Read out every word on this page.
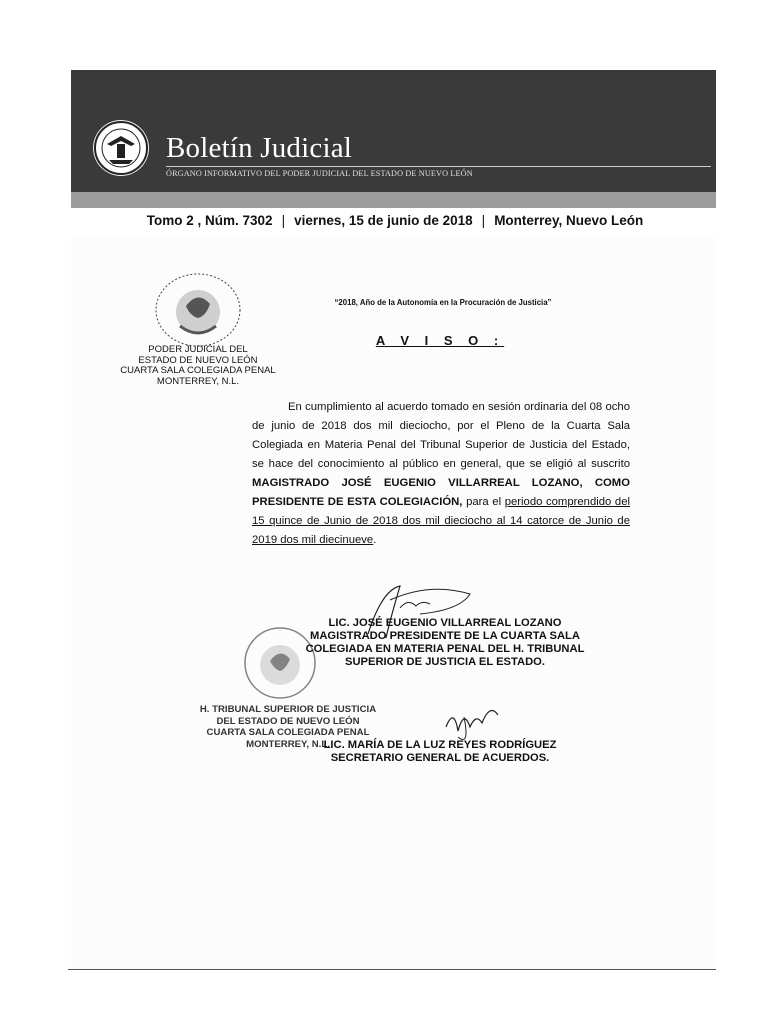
Boletín Judicial
ÓRGANO INFORMATIVO DEL PODER JUDICIAL DEL ESTADO DE NUEVO LEÓN
Tomo 2 , Núm. 7302 | viernes, 15 de junio de 2018 | Monterrey, Nuevo León
PODER JUDICIAL DEL
ESTADO DE NUEVO LEÓN
CUARTA SALA COLEGIADA PENAL
MONTERREY, N.L.
“2018, Año de la Autonomía en la Procuración de Justicia”
A V I S O :

En cumplimiento al acuerdo tomado en sesión ordinaria del 08 ocho de junio de 2018 dos mil dieciocho, por el Pleno de la Cuarta Sala Colegiada en Materia Penal del Tribunal Superior de Justicia del Estado, se hace del conocimiento al público en general, que se eligió al suscrito MAGISTRADO JOSÉ EUGENIO VILLARREAL LOZANO, COMO PRESIDENTE DE ESTA COLEGIACIÓN, para el periodo comprendido del 15 quince de Junio de 2018 dos mil dieciocho al 14 catorce de Junio de 2019 dos mil diecinueve.

LIC. JOSÉ EUGENIO VILLARREAL LOZANO
MAGISTRADO PRESIDENTE DE LA CUARTA SALA
COLEGIADA EN MATERIA PENAL DEL H. TRIBUNAL
SUPERIOR DE JUSTICIA EL ESTADO.
H. TRIBUNAL SUPERIOR DE JUSTICIA
DEL ESTADO DE NUEVO LEÓN
CUARTA SALA COLEGIADA PENAL
MONTERREY, N.L.
LIC. MARÍA DE LA LUZ REYES RODRÍGUEZ
SECRETARIO GENERAL DE ACUERDOS.
